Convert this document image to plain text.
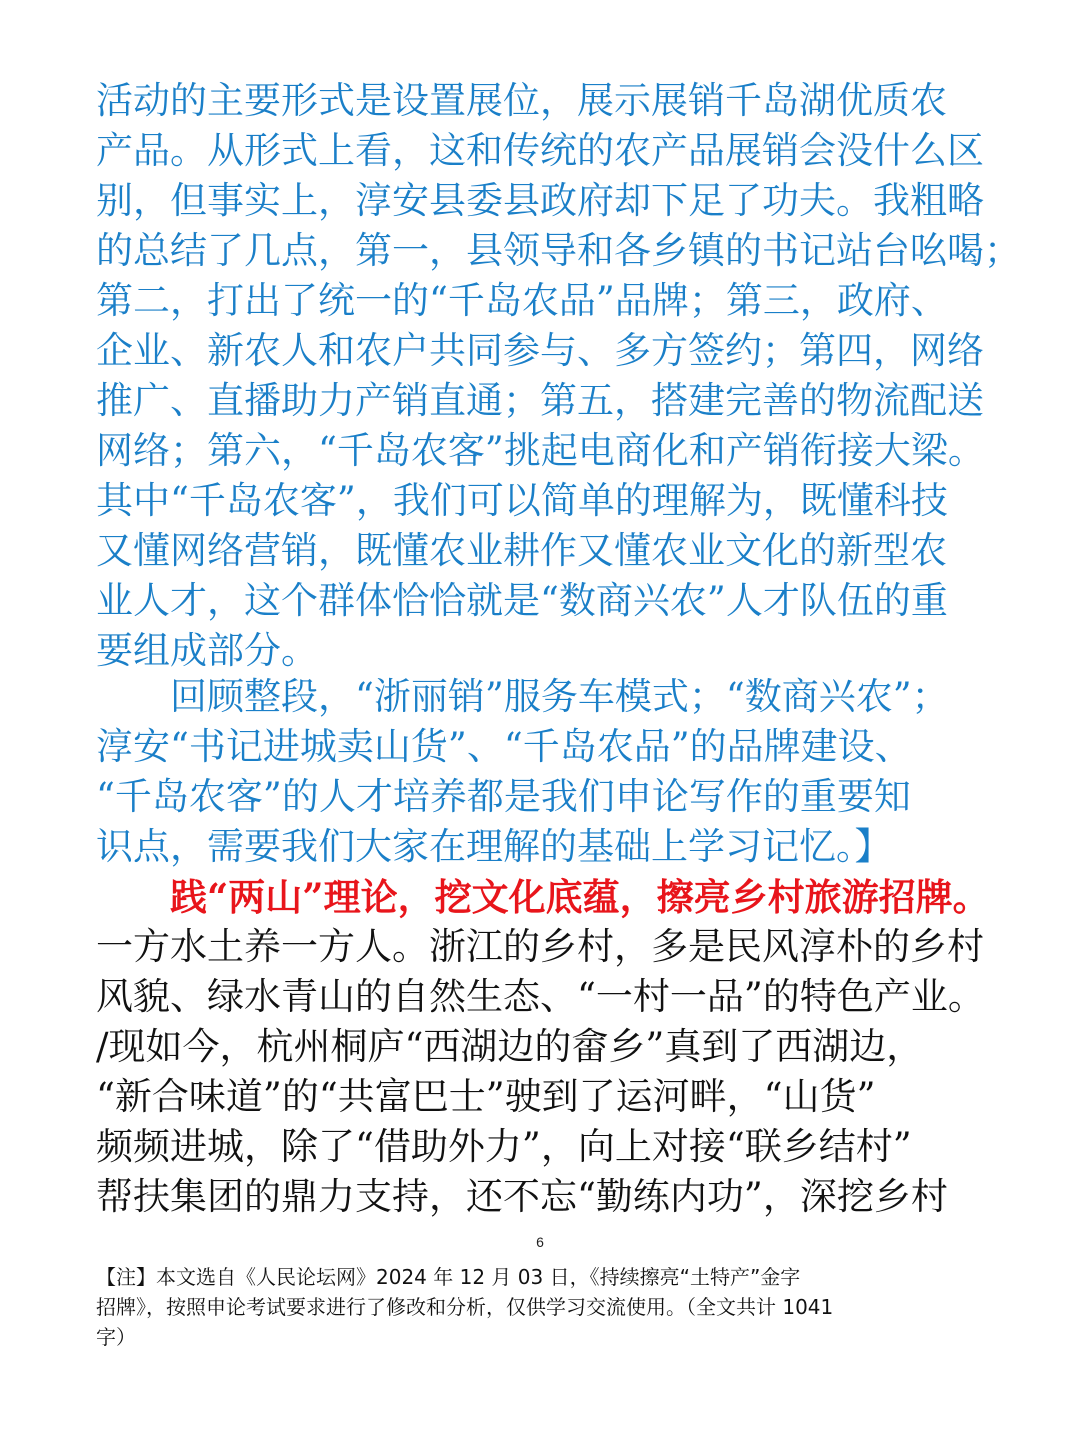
活动的主要形式是设置展位，展示展销千岛湖优质农
产品。从形式上看，这和传统的农产品展销会没什么区
别，但事实上，淳安县委县政府却下足了功夫。我粗略
的总结了几点，第一，县领导和各乡镇的书记站台吆喝；
第二，打出了统一的“千岛农品”品牌；第三，政府、
企业、新农人和农户共同参与、多方签约；第四，网络
推广、直播助力产销直通；第五，搭建完善的物流配送
网络；第六，“千岛农客”挑起电商化和产销衔接大梁。
其中“千岛农客”，我们可以简单的理解为，既懂科技
又懂网络营销，既懂农业耕作又懂农业文化的新型农
业人才，这个群体恰恰就是“数商兴农”人才队伍的重
要组成部分。
　　回顾整段，“浙丽销”服务车模式；“数商兴农”；
淳安“书记进城卖山货”、“千岛农品”的品牌建设、
“千岛农客”的人才培养都是我们申论写作的重要知
识点，需要我们大家在理解的基础上学习记忆。】
　　践“两山”理论，挖文化底蕴，擦亮乡村旅游招牌。
一方水土养一方人。浙江的乡村，多是民风淳朴的乡村
风貌、绿水青山的自然生态、“一村一品”的特色产业。
/现如今，杭州桐庐“西湖边的畲乡”真到了西湖边，
“新合味道”的“共富巴士”驶到了运河畔，“山货”
频频进城，除了“借助外力”，向上对接“联乡结村”
帮扶集团的鼎力支持，还不忘“勤练内功”，深挖乡村
6
【注】本文选自《人民论坛网》2024 年 12 月 03 日，《持续擦亮“土特产”金字
招牌》，按照申论考试要求进行了修改和分析，仅供学习交流使用。（全文共计 1041
字）
